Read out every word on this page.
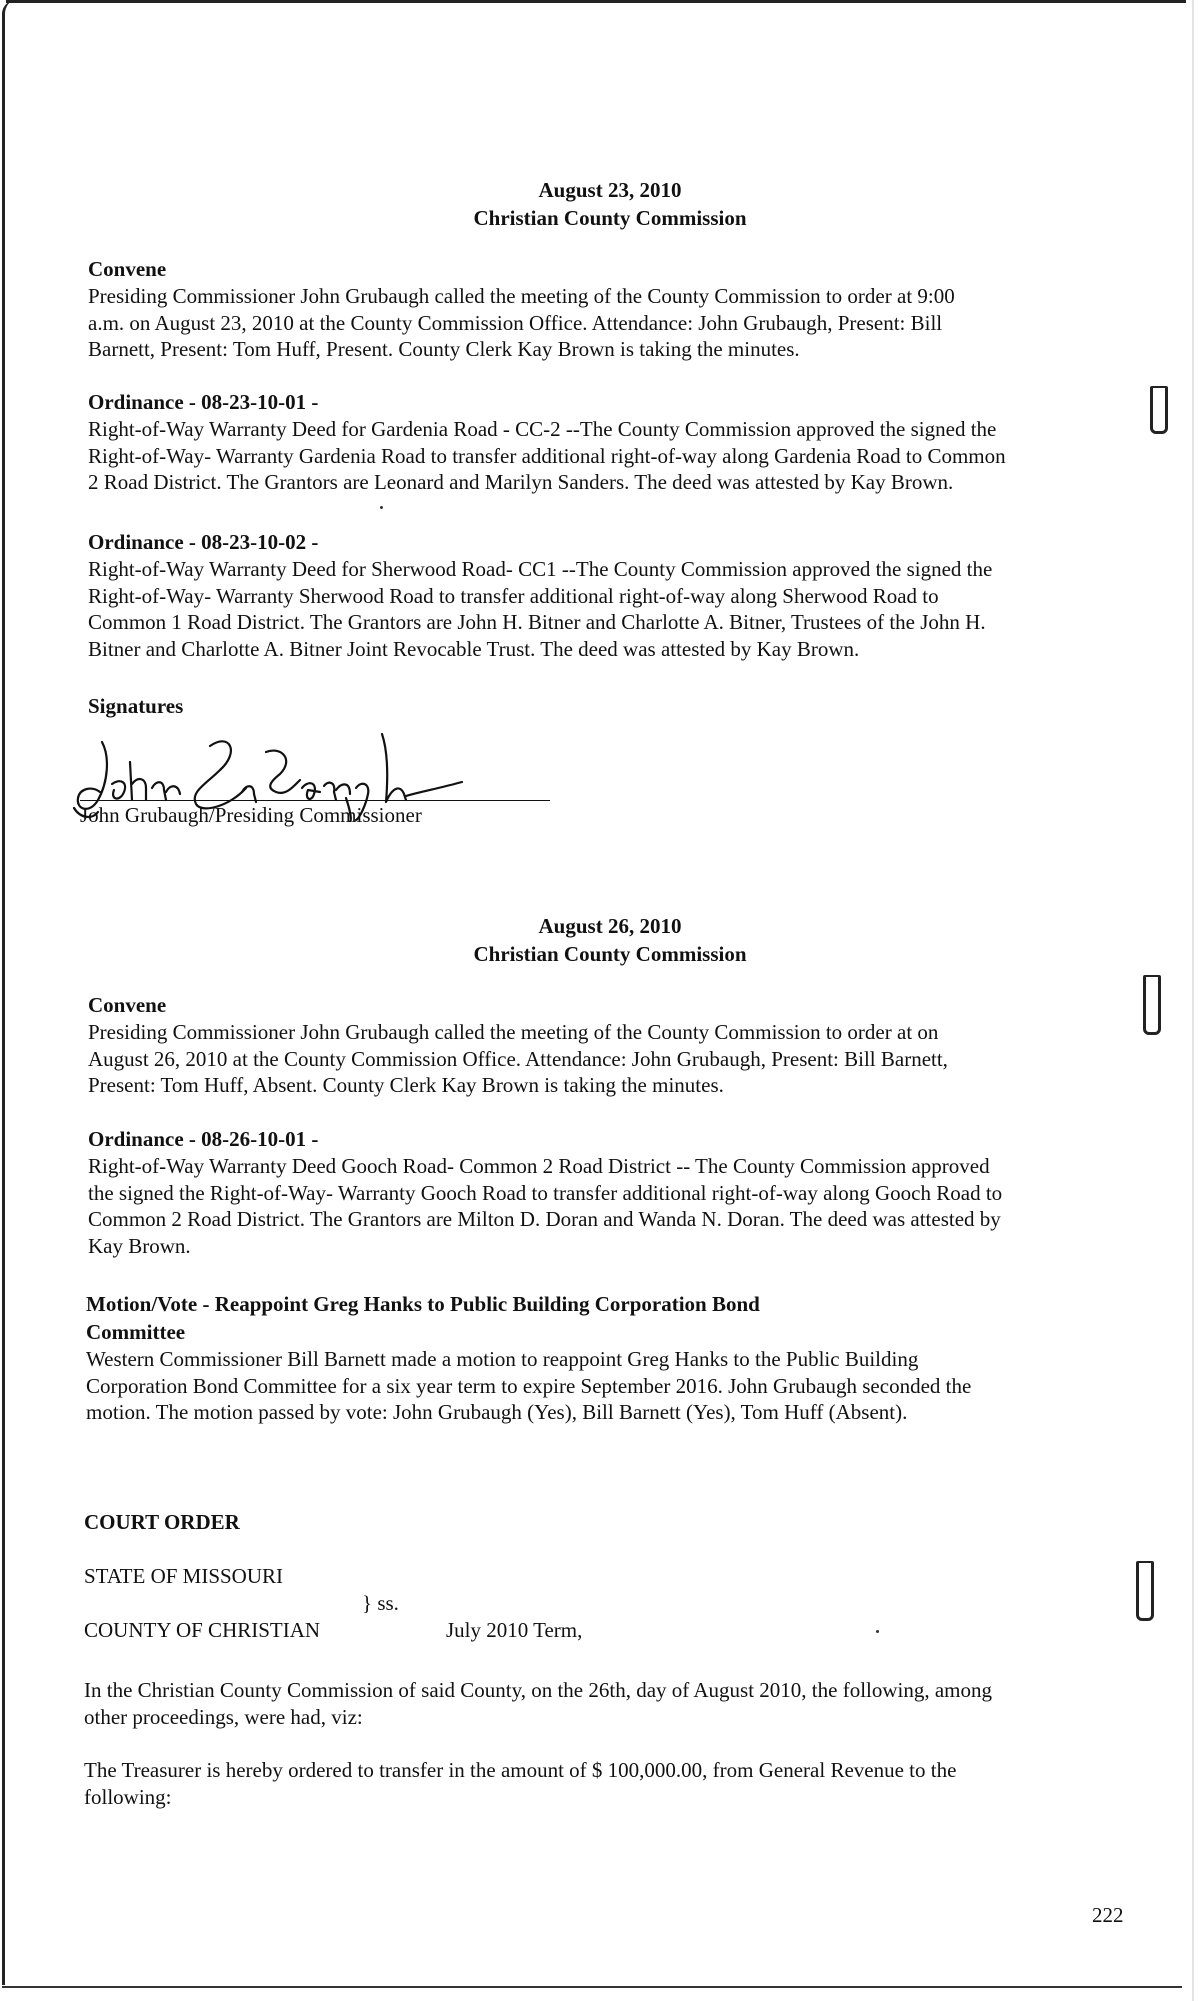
August 23, 2010
Christian County Commission
Convene
Presiding Commissioner John Grubaugh called the meeting of the County Commission to order at 9:00
a.m. on August 23, 2010 at the County Commission Office. Attendance: John Grubaugh, Present: Bill
Barnett, Present: Tom Huff, Present. County Clerk Kay Brown is taking the minutes.
Ordinance - 08-23-10-01 -
Right-of-Way Warranty Deed for Gardenia Road - CC-2 --The County Commission approved the signed the
Right-of-Way- Warranty Gardenia Road to transfer additional right-of-way along Gardenia Road to Common
2 Road District. The Grantors are Leonard and Marilyn Sanders. The deed was attested by Kay Brown.
Ordinance - 08-23-10-02 -
Right-of-Way Warranty Deed for Sherwood Road- CC1 --The County Commission approved the signed the
Right-of-Way- Warranty Sherwood Road to transfer additional right-of-way along Sherwood Road to
Common 1 Road District. The Grantors are John H. Bitner and Charlotte A. Bitner, Trustees of the John H.
Bitner and Charlotte A. Bitner Joint Revocable Trust. The deed was attested by Kay Brown.
Signatures
John Grubaugh/Presiding Commissioner
August 26, 2010
Christian County Commission
Convene
Presiding Commissioner John Grubaugh called the meeting of the County Commission to order at on
August 26, 2010 at the County Commission Office. Attendance: John Grubaugh, Present: Bill Barnett,
Present: Tom Huff, Absent. County Clerk Kay Brown is taking the minutes.
Ordinance - 08-26-10-01 -
Right-of-Way Warranty Deed Gooch Road- Common 2 Road District -- The County Commission approved
the signed the Right-of-Way- Warranty Gooch Road to transfer additional right-of-way along Gooch Road to
Common 2 Road District. The Grantors are Milton D. Doran and Wanda N. Doran. The deed was attested by
Kay Brown.
Motion/Vote - Reappoint Greg Hanks to Public Building Corporation Bond
Committee
Western Commissioner Bill Barnett made a motion to reappoint Greg Hanks to the Public Building
Corporation Bond Committee for a six year term to expire September 2016. John Grubaugh seconded the
motion. The motion passed by vote: John Grubaugh (Yes), Bill Barnett (Yes), Tom Huff (Absent).
COURT ORDER
STATE OF MISSOURI
} ss.
COUNTY OF CHRISTIAN	July 2010 Term,
In the Christian County Commission of said County, on the 26th, day of August 2010, the following, among
other proceedings, were had, viz:
The Treasurer is hereby ordered to transfer in the amount of $ 100,000.00, from General Revenue to the
following:
222
